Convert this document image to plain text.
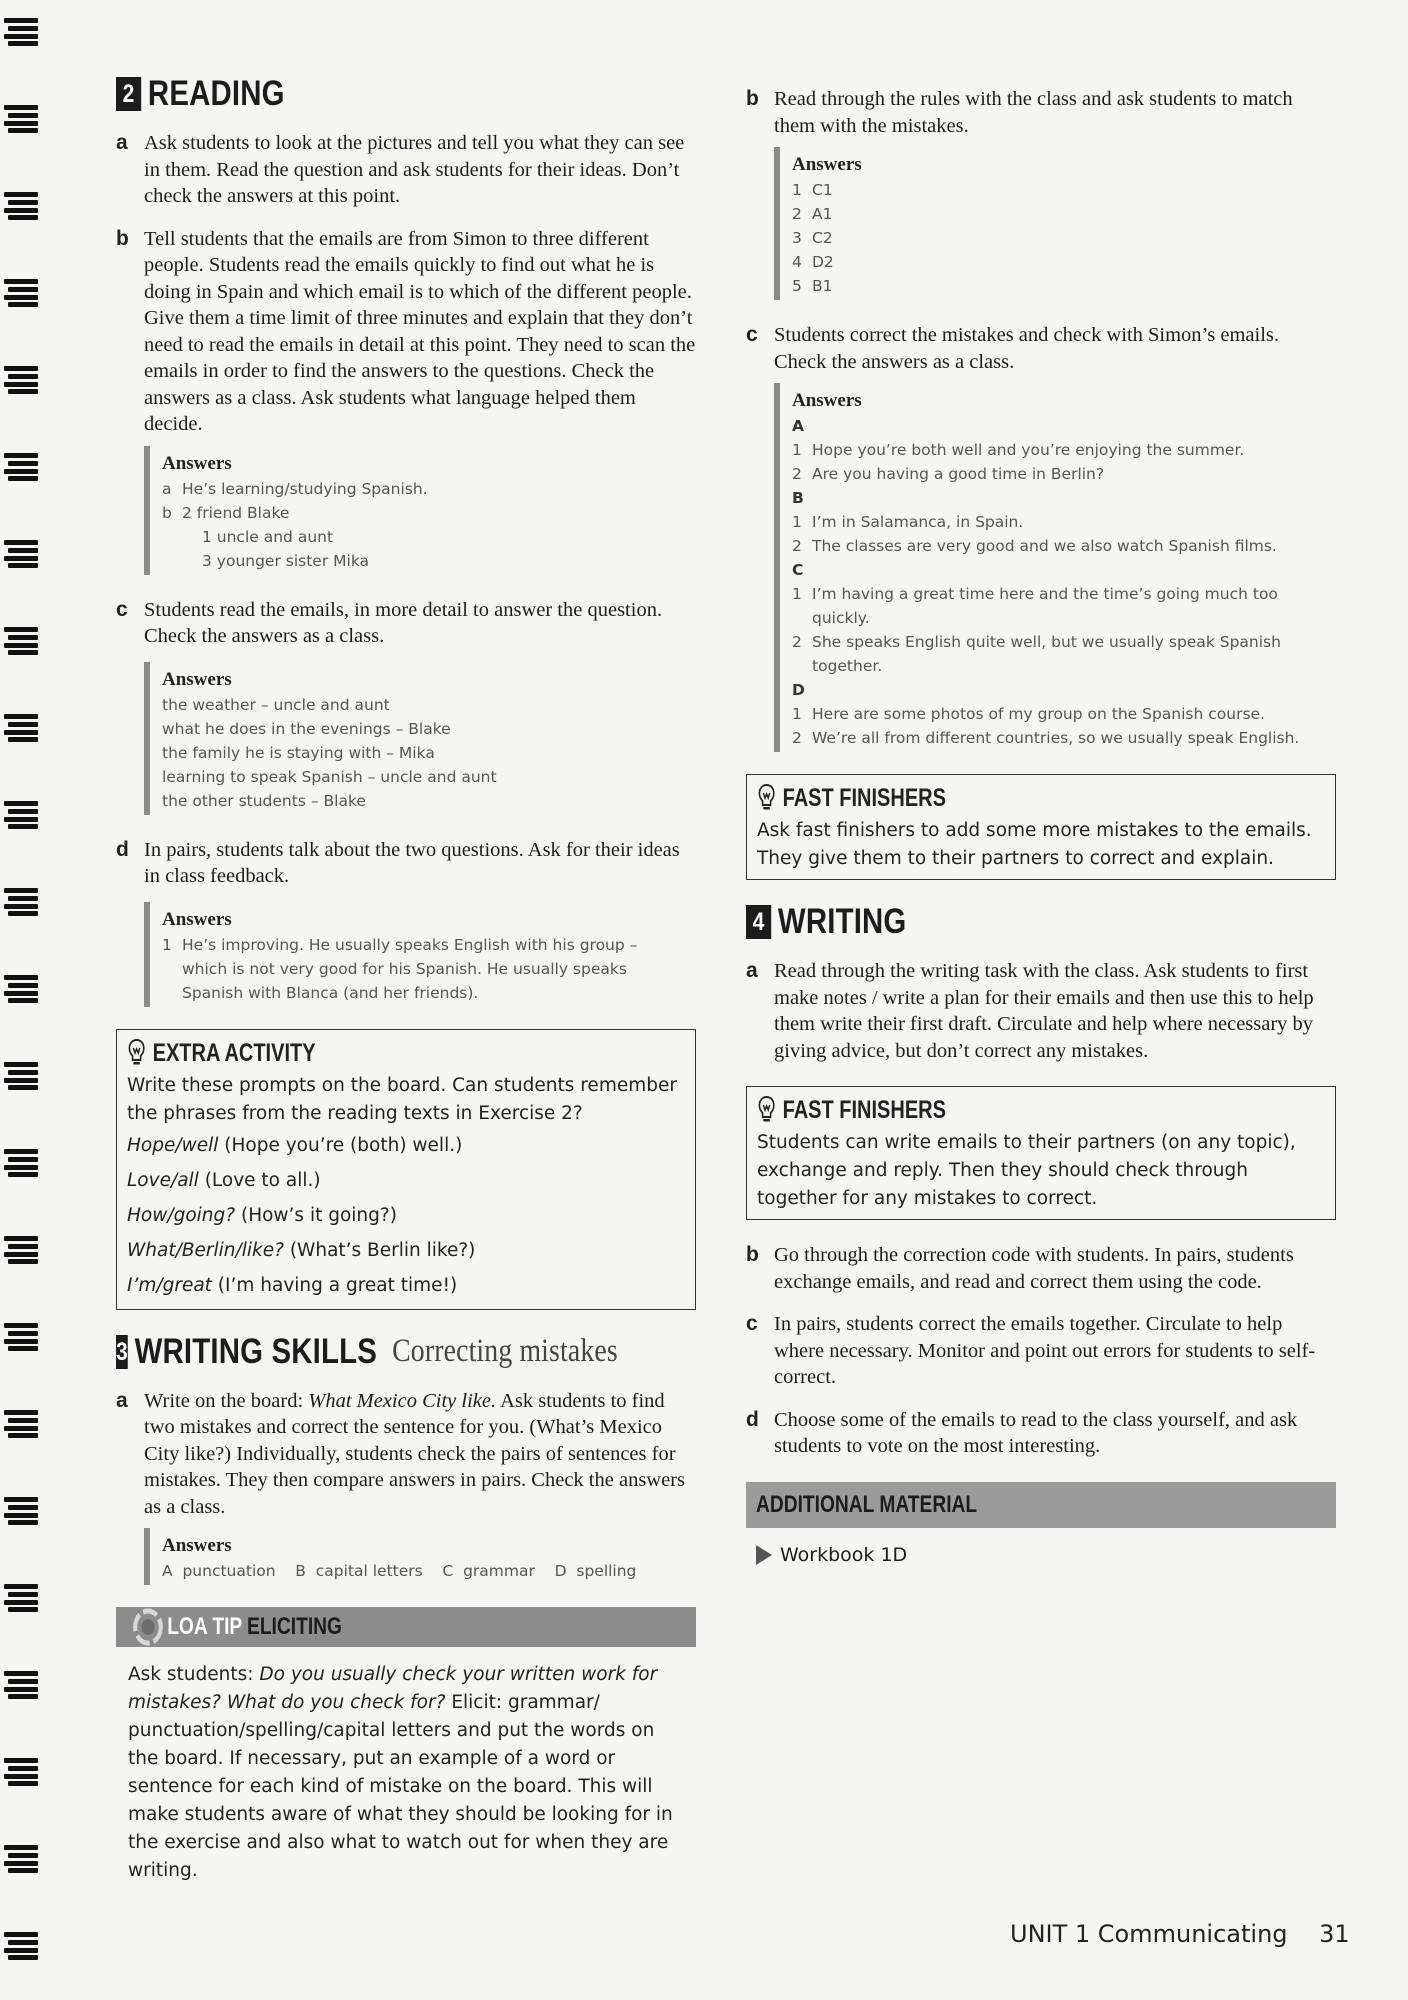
2 READING
a Ask students to look at the pictures and tell you what they can see in them. Read the question and ask students for their ideas. Don’t check the answers at this point.
b Tell students that the emails are from Simon to three different people. Students read the emails quickly to find out what he is doing in Spain and which email is to which of the different people. Give them a time limit of three minutes and explain that they don’t need to read the emails in detail at this point. They need to scan the emails in order to find the answers to the questions. Check the answers as a class. Ask students what language helped them decide.
Answers
a He’s learning/studying Spanish.
b 2 friend Blake
1 uncle and aunt
3 younger sister Mika
c Students read the emails, in more detail to answer the question. Check the answers as a class.
Answers
the weather – uncle and aunt
what he does in the evenings – Blake
the family he is staying with – Mika
learning to speak Spanish – uncle and aunt
the other students – Blake
d In pairs, students talk about the two questions. Ask for their ideas in class feedback.
Answers
1 He’s improving. He usually speaks English with his group –
which is not very good for his Spanish. He usually speaks
Spanish with Blanca (and her friends).
EXTRA ACTIVITY
Write these prompts on the board. Can students remember the phrases from the reading texts in Exercise 2?
Hope/well (Hope you’re (both) well.)
Love/all (Love to all.)
How/going? (How’s it going?)
What/Berlin/like? (What’s Berlin like?)
I’m/great (I’m having a great time!)
3 WRITING SKILLS Correcting mistakes
a Write on the board: What Mexico City like. Ask students to find two mistakes and correct the sentence for you. (What’s Mexico City like?) Individually, students check the pairs of sentences for mistakes. They then compare answers in pairs. Check the answers as a class.
Answers
A  punctuation    B  capital letters    C  grammar    D  spelling
LOA TIP ELICITING
Ask students: Do you usually check your written work for mistakes? What do you check for? Elicit: grammar/ punctuation/spelling/capital letters and put the words on the board. If necessary, put an example of a word or sentence for each kind of mistake on the board. This will make students aware of what they should be looking for in the exercise and also what to watch out for when they are writing.
b Read through the rules with the class and ask students to match them with the mistakes.
Answers
1 C1
2 A1
3 C2
4 D2
5 B1
c Students correct the mistakes and check with Simon’s emails. Check the answers as a class.
Answers
A
1 Hope you’re both well and you’re enjoying the summer.
2 Are you having a good time in Berlin?
B
1 I’m in Salamanca, in Spain.
2 The classes are very good and we also watch Spanish films.
C
1 I’m having a great time here and the time’s going much too quickly.
2 She speaks English quite well, but we usually speak Spanish together.
D
1 Here are some photos of my group on the Spanish course.
2 We’re all from different countries, so we usually speak English.
FAST FINISHERS
Ask fast finishers to add some more mistakes to the emails. They give them to their partners to correct and explain.
4 WRITING
a Read through the writing task with the class. Ask students to first make notes / write a plan for their emails and then use this to help them write their first draft. Circulate and help where necessary by giving advice, but don’t correct any mistakes.
FAST FINISHERS
Students can write emails to their partners (on any topic), exchange and reply. Then they should check through together for any mistakes to correct.
b Go through the correction code with students. In pairs, students exchange emails, and read and correct them using the code.
c In pairs, students correct the emails together. Circulate to help where necessary. Monitor and point out errors for students to self-correct.
d Choose some of the emails to read to the class yourself, and ask students to vote on the most interesting.
ADDITIONAL MATERIAL
Workbook 1D
UNIT 1 Communicating 31
